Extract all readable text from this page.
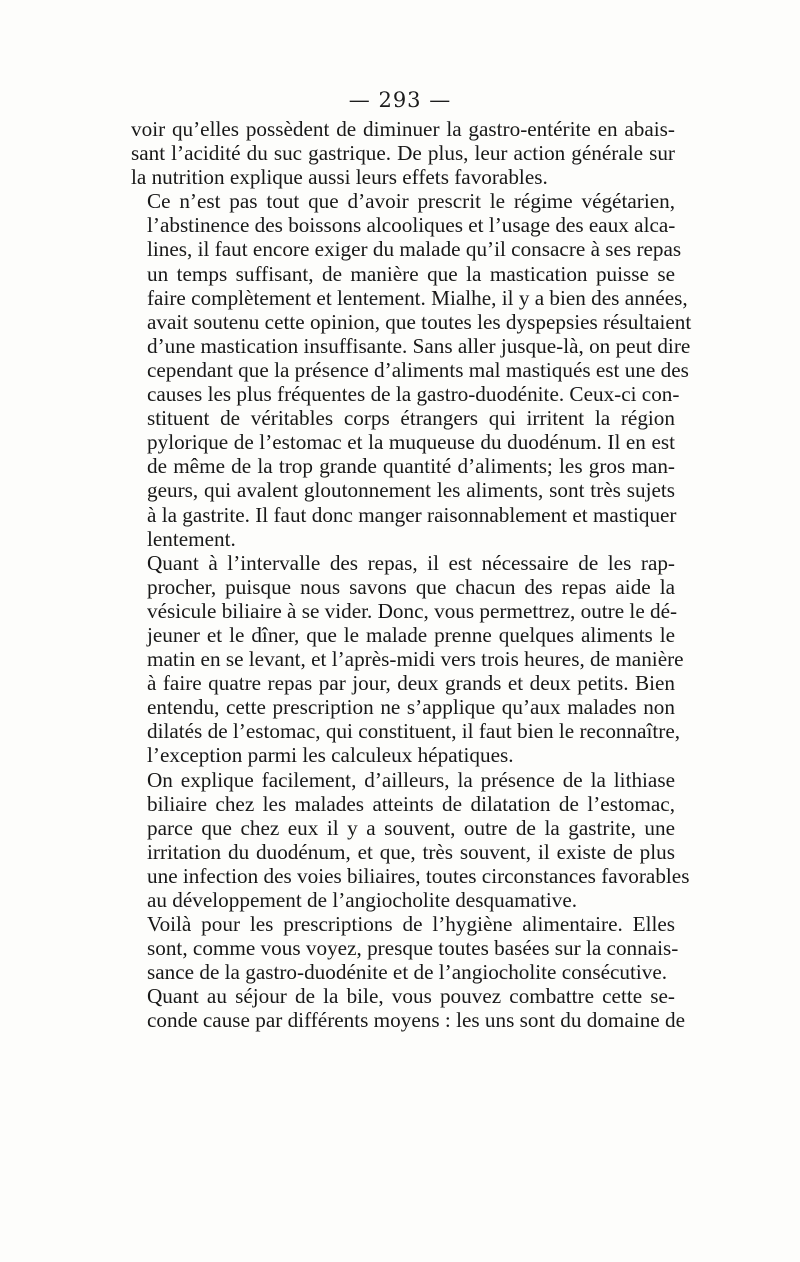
— 293 —

voir qu’elles possèdent de diminuer la gastro-entérite en abais-
sant l’acidité du suc gastrique. De plus, leur action générale sur
la nutrition explique aussi leurs effets favorables.

Ce n’est pas tout que d’avoir prescrit le régime végétarien,
l’abstinence des boissons alcooliques et l’usage des eaux alca-
lines, il faut encore exiger du malade qu’il consacre à ses repas
un temps suffisant, de manière que la mastication puisse se
faire complètement et lentement. Mialhe, il y a bien des années,
avait soutenu cette opinion, que toutes les dyspepsies résultaient
d’une mastication insuffisante. Sans aller jusque-là, on peut dire
cependant que la présence d’aliments mal mastiqués est une des
causes les plus fréquentes de la gastro-duodénite. Ceux-ci con-
stituent de véritables corps étrangers qui irritent la région
pylorique de l’estomac et la muqueuse du duodénum. Il en est
de même de la trop grande quantité d’aliments; les gros man-
geurs, qui avalent gloutonnement les aliments, sont très sujets
à la gastrite. Il faut donc manger raisonnablement et mastiquer
lentement.

Quant à l’intervalle des repas, il est nécessaire de les rap-
procher, puisque nous savons que chacun des repas aide la
vésicule biliaire à se vider. Donc, vous permettrez, outre le dé-
jeuner et le dîner, que le malade prenne quelques aliments le
matin en se levant, et l’après-midi vers trois heures, de manière
à faire quatre repas par jour, deux grands et deux petits. Bien
entendu, cette prescription ne s’applique qu’aux malades non
dilatés de l’estomac, qui constituent, il faut bien le reconnaître,
l’exception parmi les calculeux hépatiques.

On explique facilement, d’ailleurs, la présence de la lithiase
biliaire chez les malades atteints de dilatation de l’estomac,
parce que chez eux il y a souvent, outre de la gastrite, une
irritation du duodénum, et que, très souvent, il existe de plus
une infection des voies biliaires, toutes circonstances favorables
au développement de l’angiocholite desquamative.

Voilà pour les prescriptions de l’hygiène alimentaire. Elles
sont, comme vous voyez, presque toutes basées sur la connais-
sance de la gastro-duodénite et de l’angiocholite consécutive.

Quant au séjour de la bile, vous pouvez combattre cette se-
conde cause par différents moyens : les uns sont du domaine de
